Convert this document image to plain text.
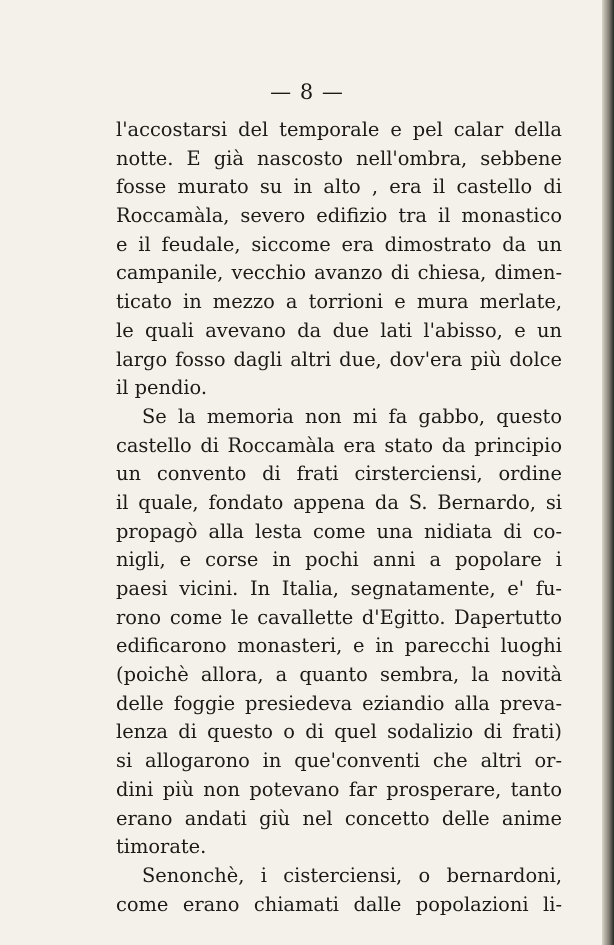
— 8 —
l'accostarsi del temporale e pel calar della
notte. E già nascosto nell'ombra, sebbene
fosse murato su in alto , era il castello di
Roccamàla, severo edifizio tra il monastico
e il feudale, siccome era dimostrato da un
campanile, vecchio avanzo di chiesa, dimen-
ticato in mezzo a torrioni e mura merlate,
le quali avevano da due lati l'abisso, e un
largo fosso dagli altri due, dov'era più dolce
il pendio.
Se la memoria non mi fa gabbo, questo
castello di Roccamàla era stato da principio
un convento di frati cirsterciensi, ordine
il quale, fondato appena da S. Bernardo, si
propagò alla lesta come una nidiata di co-
nigli, e corse in pochi anni a popolare i
paesi vicini. In Italia, segnatamente, e' fu-
rono come le cavallette d'Egitto. Dapertutto
edificarono monasteri, e in parecchi luoghi
(poichè allora, a quanto sembra, la novità
delle foggie presiedeva eziandio alla preva-
lenza di questo o di quel sodalizio di frati)
si allogarono in que'conventi che altri or-
dini più non potevano far prosperare, tanto
erano andati giù nel concetto delle anime
timorate.
Senonchè, i cisterciensi, o bernardoni,
come erano chiamati dalle popolazioni li-
